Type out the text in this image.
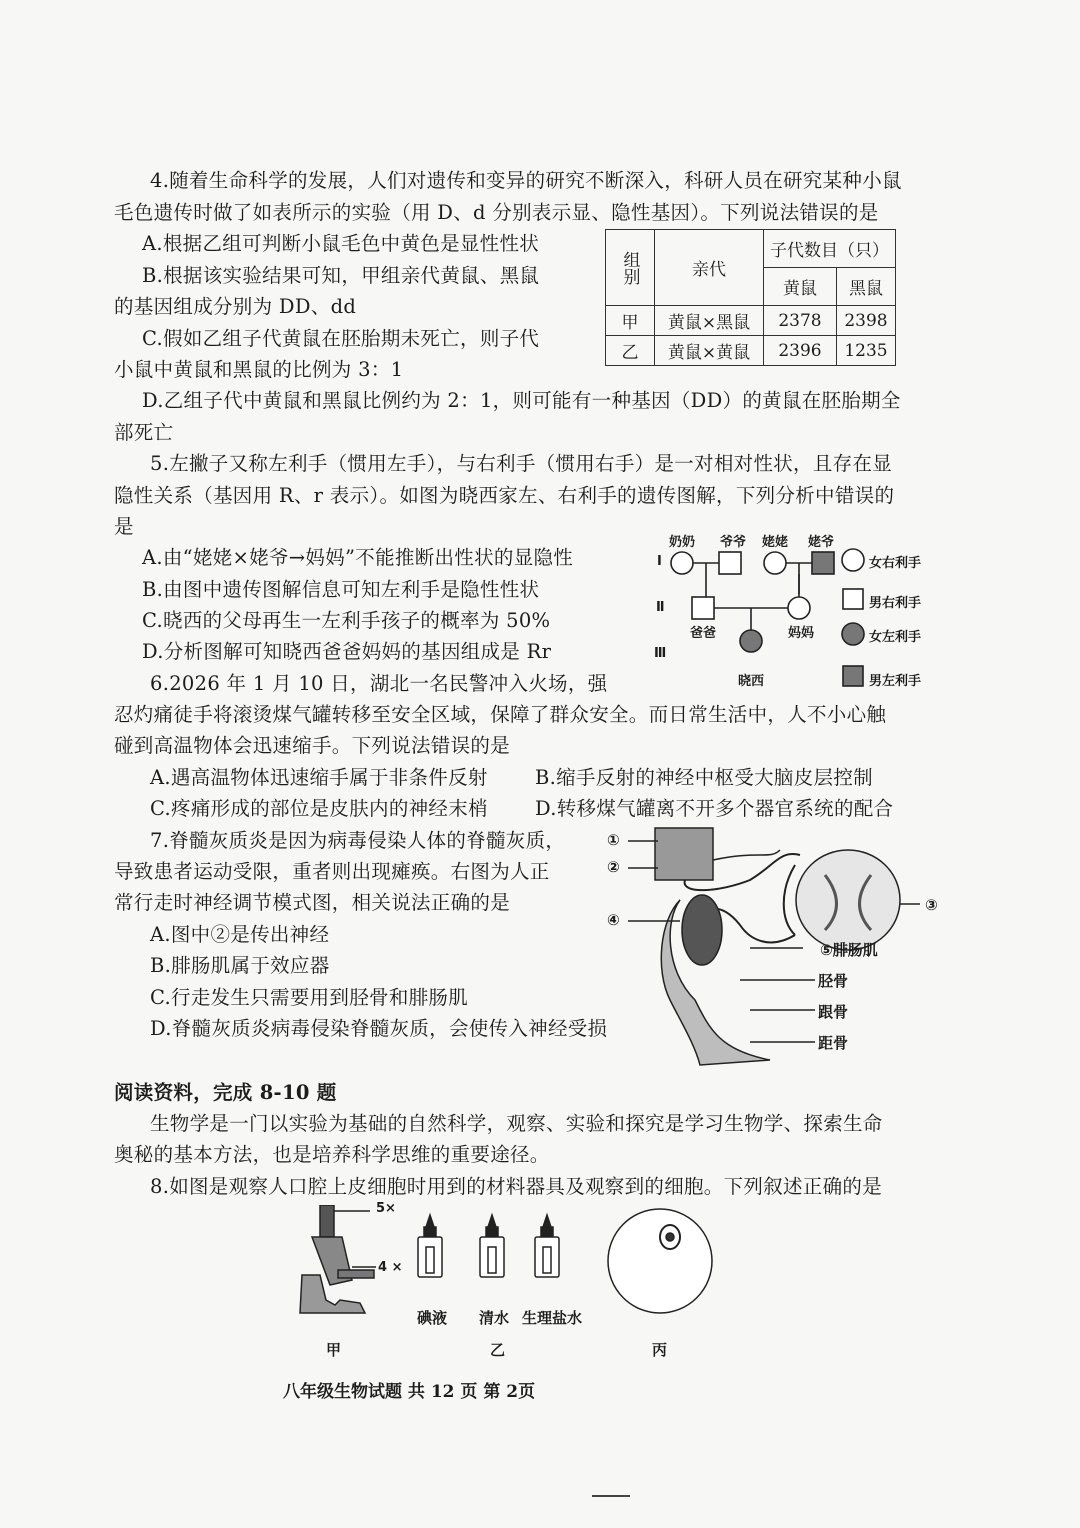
4.随着生命科学的发展，人们对遗传和变异的研究不断深入，科研人员在研究某种小鼠
毛色遗传时做了如表所示的实验（用 D、d 分别表示显、隐性基因）。下列说法错误的是
A.根据乙组可判断小鼠毛色中黄色是显性性状
B.根据该实验结果可知，甲组亲代黄鼠、黑鼠
的基因组成分别为 DD、dd
C.假如乙组子代黄鼠在胚胎期未死亡，则子代
小鼠中黄鼠和黑鼠的比例为 3：1
D.乙组子代中黄鼠和黑鼠比例约为 2：1，则可能有一种基因（DD）的黄鼠在胚胎期全
部死亡
组别	亲代	子代数目（只）	
		黄鼠	黑鼠
甲	黄鼠×黑鼠	2378	2398
乙	黄鼠×黄鼠	2396	1235
5.左撇子又称左利手（惯用左手），与右利手（惯用右手）是一对相对性状，且存在显
隐性关系（基因用 R、r 表示）。如图为晓西家左、右利手的遗传图解，下列分析中错误的
是
A.由“姥姥×姥爷→妈妈”不能推断出性状的显隐性
B.由图中遗传图解信息可知左利手是隐性性状
C.晓西的父母再生一左利手孩子的概率为 50%
D.分析图解可知晓西爸爸妈妈的基因组成是 Rr
奶奶 爷爷 姥姥 姥爷
Ⅰ
Ⅱ
Ⅲ
爸爸	妈妈
晓西
女右利手
男右利手
女左利手
男左利手
6.2026 年 1 月 10 日，湖北一名民警冲入火场，强
忍灼痛徒手将滚烫煤气罐转移至安全区域，保障了群众安全。而日常生活中，人不小心触
碰到高温物体会迅速缩手。下列说法错误的是
A.遇高温物体迅速缩手属于非条件反射 B.缩手反射的神经中枢受大脑皮层控制
C.疼痛形成的部位是皮肤内的神经末梢 D.转移煤气罐离不开多个器官系统的配合
7.脊髓灰质炎是因为病毒侵染人体的脊髓灰质，
导致患者运动受限，重者则出现瘫痪。右图为人正
常行走时神经调节模式图，相关说法正确的是
A.图中②是传出神经
B.腓肠肌属于效应器
C.行走发生只需要用到胫骨和腓肠肌
D.脊髓灰质炎病毒侵染脊髓灰质，会使传入神经受损
①
②
③
④
⑤腓肠肌
胫骨
跟骨
距骨
阅读资料，完成 8-10 题
生物学是一门以实验为基础的自然科学，观察、实验和探究是学习生物学、探索生命
奥秘的基本方法，也是培养科学思维的重要途径。
8.如图是观察人口腔上皮细胞时用到的材料器具及观察到的细胞。下列叙述正确的是
5×
4 ×
碘液 清水 生理盐水
甲	乙	丙
八年级生物试题 共 12 页 第 2页
